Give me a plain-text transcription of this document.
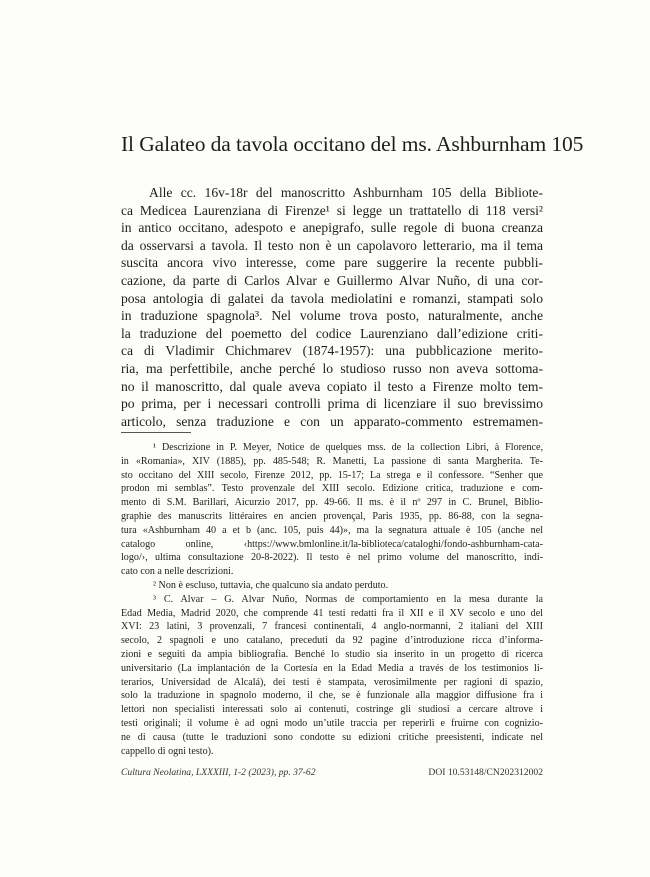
Il Galateo da tavola occitano del ms. Ashburnham 105
Alle cc. 16v-18r del manoscritto Ashburnham 105 della Bibliote-
ca Medicea Laurenziana di Firenze¹ si legge un trattatello di 118 versi²
in antico occitano, adespoto e anepigrafo, sulle regole di buona creanza
da osservarsi a tavola. Il testo non è un capolavoro letterario, ma il tema
suscita ancora vivo interesse, come pare suggerire la recente pubbli-
cazione, da parte di Carlos Alvar e Guillermo Alvar Nuño, di una cor-
posa antologia di galatei da tavola mediolatini e romanzi, stampati solo
in traduzione spagnola³. Nel volume trova posto, naturalmente, anche
la traduzione del poemetto del codice Laurenziano dall’edizione criti-
ca di Vladimir Chichmarev (1874-1957): una pubblicazione meritо-
ria, ma perfettibile, anche perché lo studioso russo non aveva sottoma-
no il manoscritto, dal quale aveva copiato il testo a Firenze molto tem-
po prima, per i necessari controlli prima di licenziare il suo brevissimo
articolo, senza traduzione e con un apparato-commento estremamen-
¹ Descrizione in P. Meyer, Notice de quelques mss. de la collection Libri, à Florence,
in «Romania», XIV (1885), pp. 485-548; R. Manetti, La passione di santa Margherita. Te-
sto occitano del XIII secolo, Firenze 2012, pp. 15-17; La strega e il confessore. “Senher que
prodon mi semblas”. Testo provenzale del XIII secolo. Edizione critica, traduzione e com-
mento di S.M. Barillari, Aicurzio 2017, pp. 49-66. Il ms. è il nº 297 in C. Brunel, Biblio-
graphie des manuscrits littéraires en ancien provençal, Paris 1935, pp. 86-88, con la segna-
tura «Ashburnham 40 a et b (anc. 105, puis 44)», ma la segnatura attuale è 105 (anche nel
catalogo online, ‹https://www.bmlonline.it/la-biblioteca/cataloghi/fondo-ashburnham-cata-
logo/›, ultima consultazione 20-8-2022). Il testo è nel primo volume del manoscritto, indi-
cato con a nelle descrizioni.
² Non è escluso, tuttavia, che qualcuno sia andato perduto.
³ C. Alvar – G. Alvar Nuño, Normas de comportamiento en la mesa durante la
Edad Media, Madrid 2020, che comprende 41 testi redatti fra il XII e il XV secolo e uno del
XVI: 23 latini, 3 provenzali, 7 francesi continentali, 4 anglo-normanni, 2 italiani del XIII
secolo, 2 spagnoli e uno catalano, preceduti da 92 pagine d’introduzione ricca d’informa-
zioni e seguiti da ampia bibliografia. Benché lo studio sia inserito in un progetto di ricerca
universitario (La implantación de la Cortesía en la Edad Media a través de los testimonios li-
terarios, Universidad de Alcalá), dei testi è stampata, verosimilmente per ragioni di spazio,
solo la traduzione in spagnolo moderno, il che, se è funzionale alla maggior diffusione fra i
lettori non specialisti interessati solo ai contenuti, costringe gli studiosi a cercare altrove i
testi originali; il volume è ad ogni modo un’utile traccia per reperirli e fruirne con cognizio-
ne di causa (tutte le traduzioni sono condotte su edizioni critiche preesistenti, indicate nel
cappello di ogni testo).
Cultura Neolatina, LXXXIII, 1-2 (2023), pp. 37-62	DOI 10.53148/CN202312002
